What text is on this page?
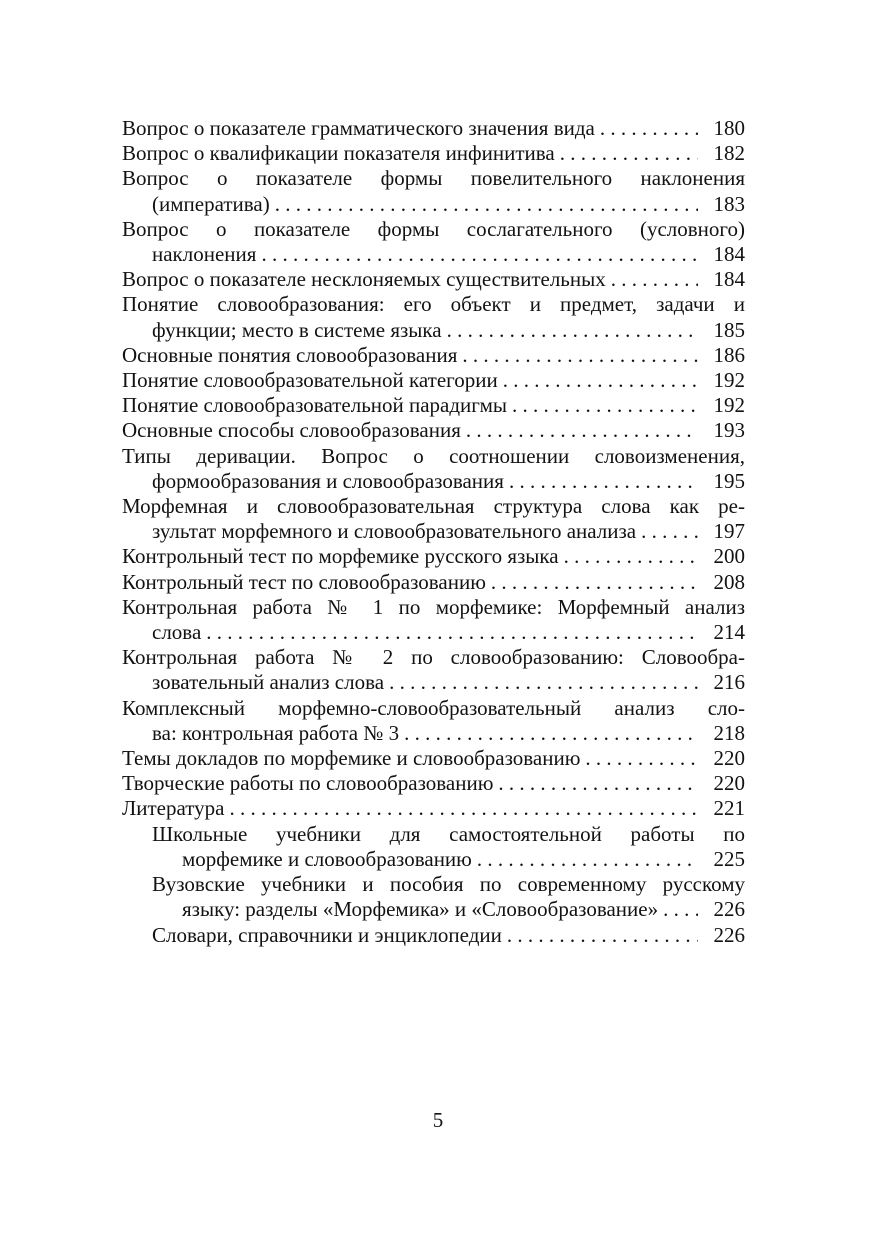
Вопрос о показателе грамматического значения вида . . .	180
Вопрос о квалификации показателя инфинитива . . .	182
Вопрос о показателе формы повелительного наклонения
(императива) . . .	183
Вопрос о показателе формы сослагательного (условного)
наклонения . . .	184
Вопрос о показателе несклоняемых существительных . . .	184
Понятие словообразования: его объект и предмет, задачи и
функции; место в системе языка . . .	185
Основные понятия словообразования . . .	186
Понятие словообразовательной категории . . .	192
Понятие словообразовательной парадигмы . . .	192
Основные способы словообразования . . .	193
Типы деривации. Вопрос о соотношении словоизменения,
формообразования и словообразования . . .	195
Морфемная и словообразовательная структура слова как ре-
зультат морфемного и словообразовательного анализа . . .	197
Контрольный тест по морфемике русского языка . . .	200
Контрольный тест по словообразованию . . .	208
Контрольная работа № 1 по морфемике: Морфемный анализ
слова . . .	214
Контрольная работа № 2 по словообразованию: Словообра-
зовательный анализ слова . . .	216
Комплексный морфемно-словообразовательный анализ сло-
ва: контрольная работа № 3 . . .	218
Темы докладов по морфемике и словообразованию . . .	220
Творческие работы по словообразованию . . .	220
Литература . . .	221
Школьные учебники для самостоятельной работы по
морфемике и словообразованию . . .	225
Вузовские учебники и пособия по современному русскому
языку: разделы «Морфемика» и «Словообразование» . . .	226
Словари, справочники и энциклопедии . . .	226
5
